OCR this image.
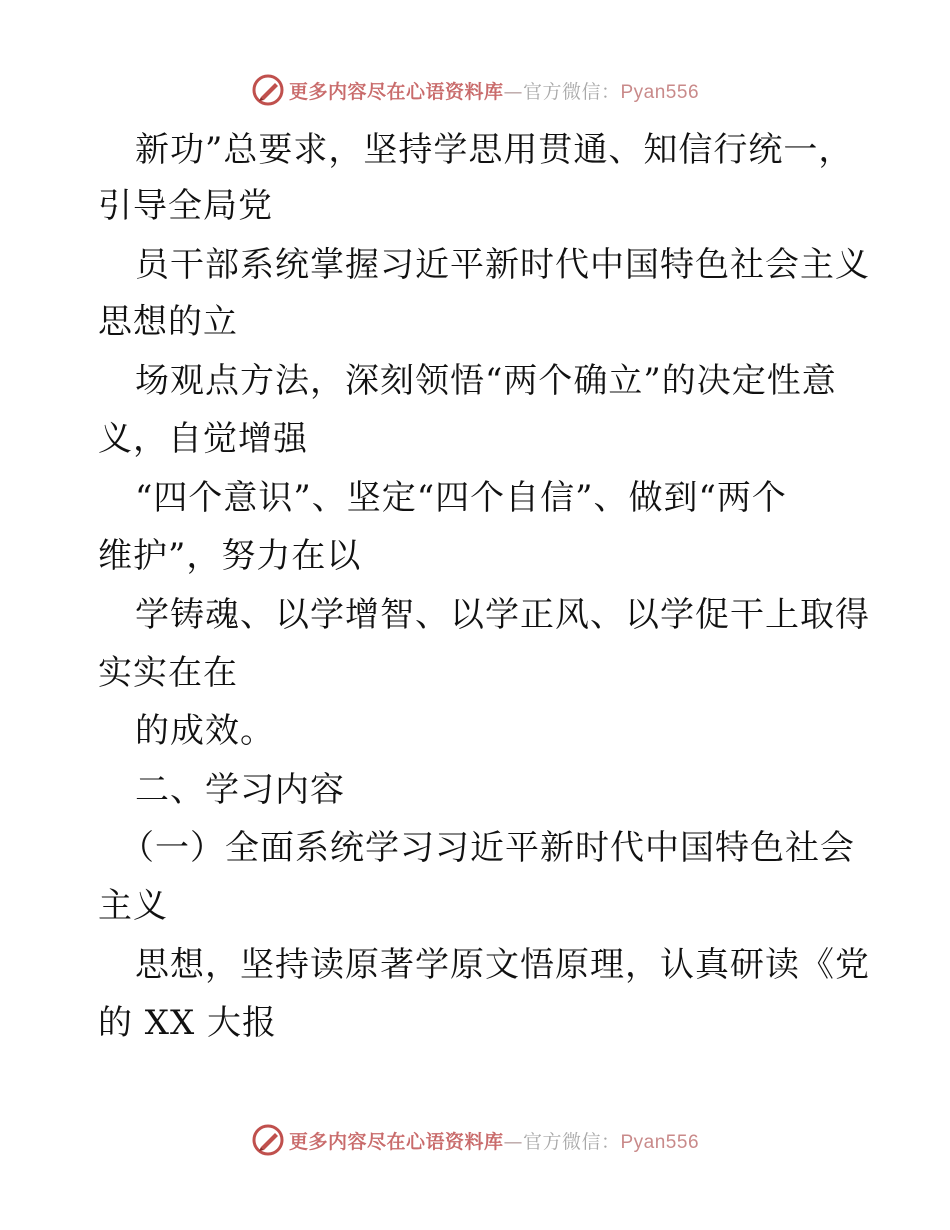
更多内容尽在心语资料库—官方微信：Pyan556
新功”总要求，坚持学思用贯通、知信行统一，
引导全局党
员干部系统掌握习近平新时代中国特色社会主义
思想的立
场观点方法，深刻领悟“两个确立”的决定性意
义，自觉增强
“四个意识”、坚定“四个自信”、做到“两个
维护”，努力在以
学铸魂、以学增智、以学正风、以学促干上取得
实实在在
的成效。
二、学习内容
（一）全面系统学习习近平新时代中国特色社会
主义
思想，坚持读原著学原文悟原理，认真研读《党
的 XX 大报
更多内容尽在心语资料库—官方微信：Pyan556
